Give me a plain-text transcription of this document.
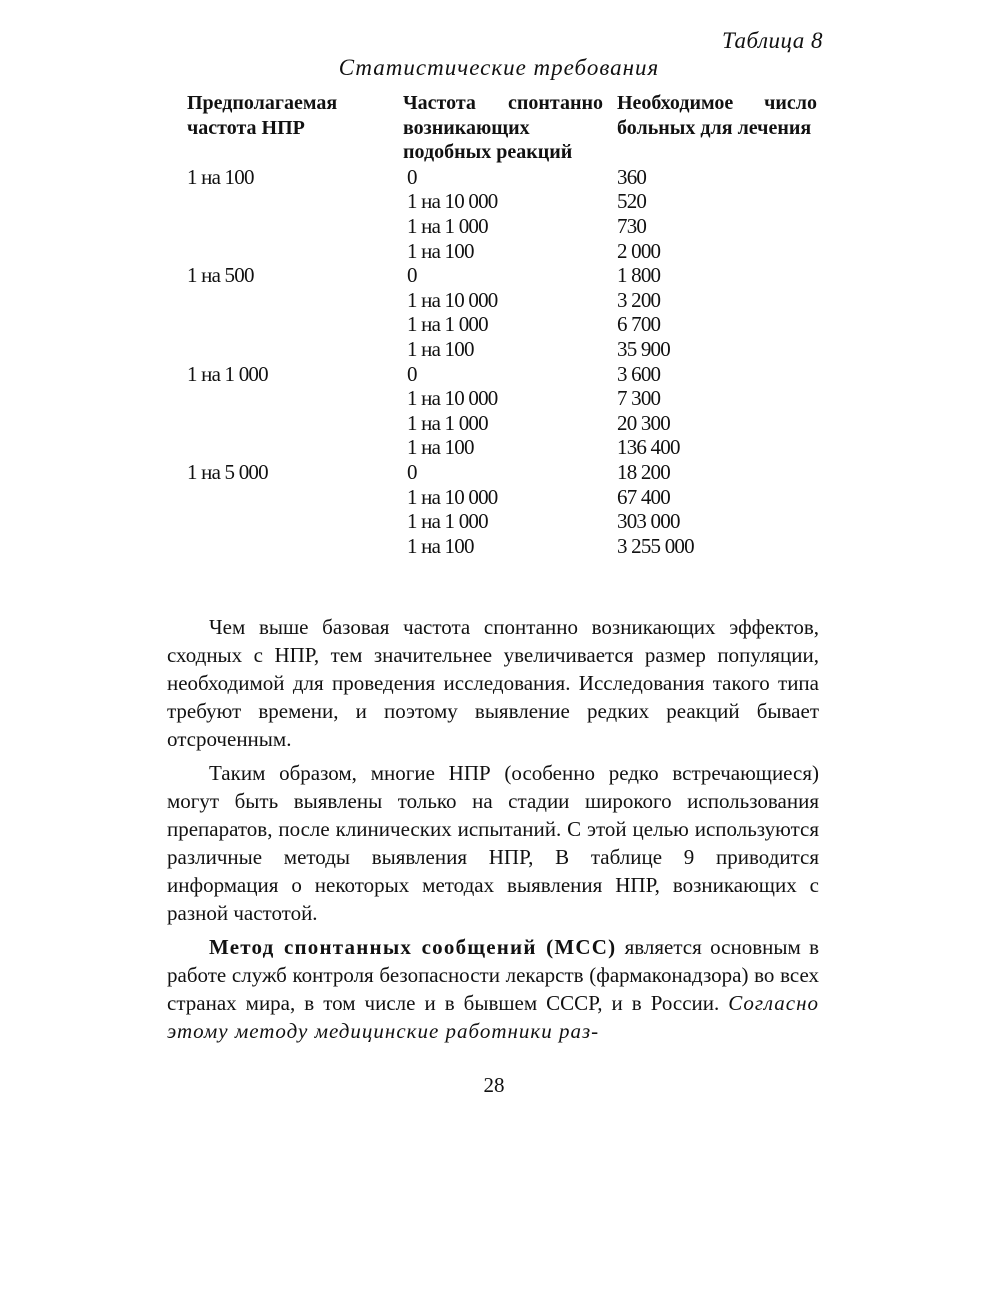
Таблица 8
Статистические требования
Предполагаемая частота НПР	Частота спонтанно возникающих подобных реакций	Необходимое число больных для лечения
1 на 100	0	360
	1 на 10 000	520
	1 на 1 000	730
	1 на 100	2 000
1 на 500	0	1 800
	1 на 10 000	3 200
	1 на 1 000	6 700
	1 на 100	35 900
1 на 1 000	0	3 600
	1 на 10 000	7 300
	1 на 1 000	20 300
	1 на 100	136 400
1 на 5 000	0	18 200
	1 на 10 000	67 400
	1 на 1 000	303 000
	1 на 100	3 255 000

Чем выше базовая частота спонтанно возникающих эффектов, сходных с НПР, тем значительнее увеличивается размер популяции, необходимой для проведения исследования. Исследования такого типа требуют времени, и поэтому выявление редких реакций бывает отсроченным.

Таким образом, многие НПР (особенно редко встречающиеся) могут быть выявлены только на стадии широкого использования препаратов, после клинических испытаний. С этой целью используются различные методы выявления НПР, В таблице 9 приводится информация о некоторых методах выявления НПР, возникающих с разной частотой.

Метод спонтанных сообщений (МСС) является основным в работе служб контроля безопасности лекарств (фармаконадзора) во всех странах мира, в том числе и в бывшем СССР, и в России. Согласно этому методу медицинские работники раз-

28
